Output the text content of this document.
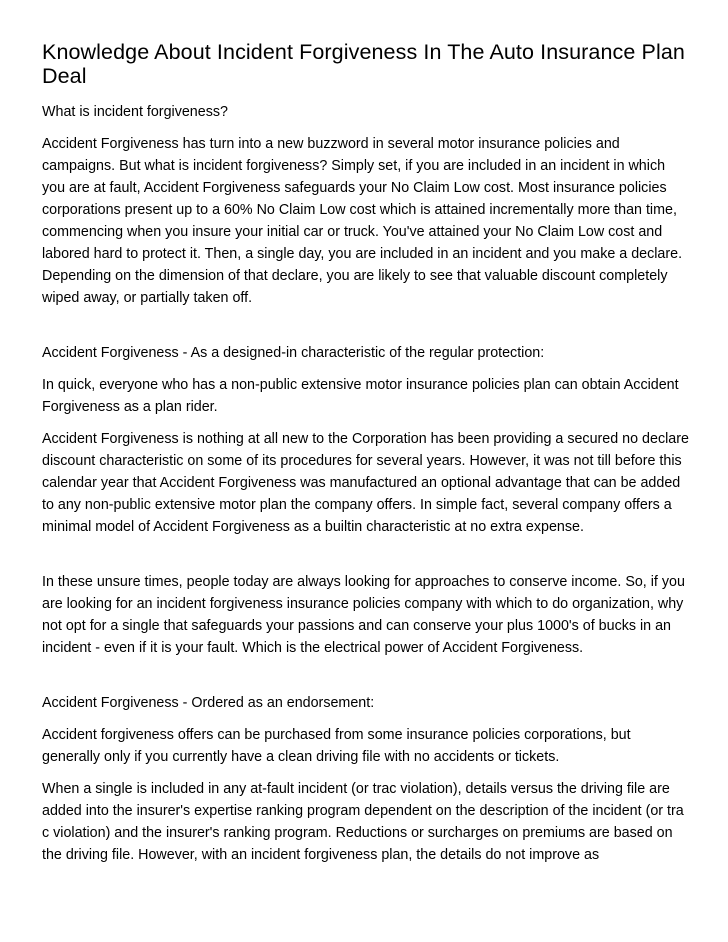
Knowledge About Incident Forgiveness In The Auto Insurance Plan Deal

What is incident forgiveness?

Accident Forgiveness has turn into a new buzzword in several motor insurance policies and campaigns. But what is incident forgiveness? Simply set, if you are included in an incident in which you are at fault, Accident Forgiveness safeguards your No Claim Low cost. Most insurance policies corporations present up to a 60% No Claim Low cost which is attained incrementally more than time, commencing when you insure your initial car or truck. You've attained your No Claim Low cost and labored hard to protect it. Then, a single day, you are included in an incident and you make a declare. Depending on the dimension of that declare, you are likely to see that valuable discount completely wiped away, or partially taken off.

Accident Forgiveness - As a designed-in characteristic of the regular protection:

In quick, everyone who has a non-public extensive motor insurance policies plan can obtain Accident Forgiveness as a plan rider.

Accident Forgiveness is nothing at all new to the Corporation has been providing a secured no declare discount characteristic on some of its procedures for several years. However, it was not till before this calendar year that Accident Forgiveness was manufactured an optional advantage that can be added to any non-public extensive motor plan the company offers. In simple fact, several company offers a minimal model of Accident Forgiveness as a builtin characteristic at no extra expense.

In these unsure times, people today are always looking for approaches to conserve income. So, if you are looking for an incident forgiveness insurance policies company with which to do organization, why not opt for a single that safeguards your passions and can conserve your plus 1000's of bucks in an incident - even if it is your fault. Which is the electrical power of Accident Forgiveness.

Accident Forgiveness - Ordered as an endorsement:

Accident forgiveness offers can be purchased from some insurance policies corporations, but generally only if you currently have a clean driving file with no accidents or tickets.

When a single is included in any at-fault incident (or trac violation), details versus the driving file are added into the insurer's expertise ranking program dependent on the description of the incident (or tra c violation) and the insurer's ranking program. Reductions or surcharges on premiums are based on the driving file. However, with an incident forgiveness plan, the details do not improve as
